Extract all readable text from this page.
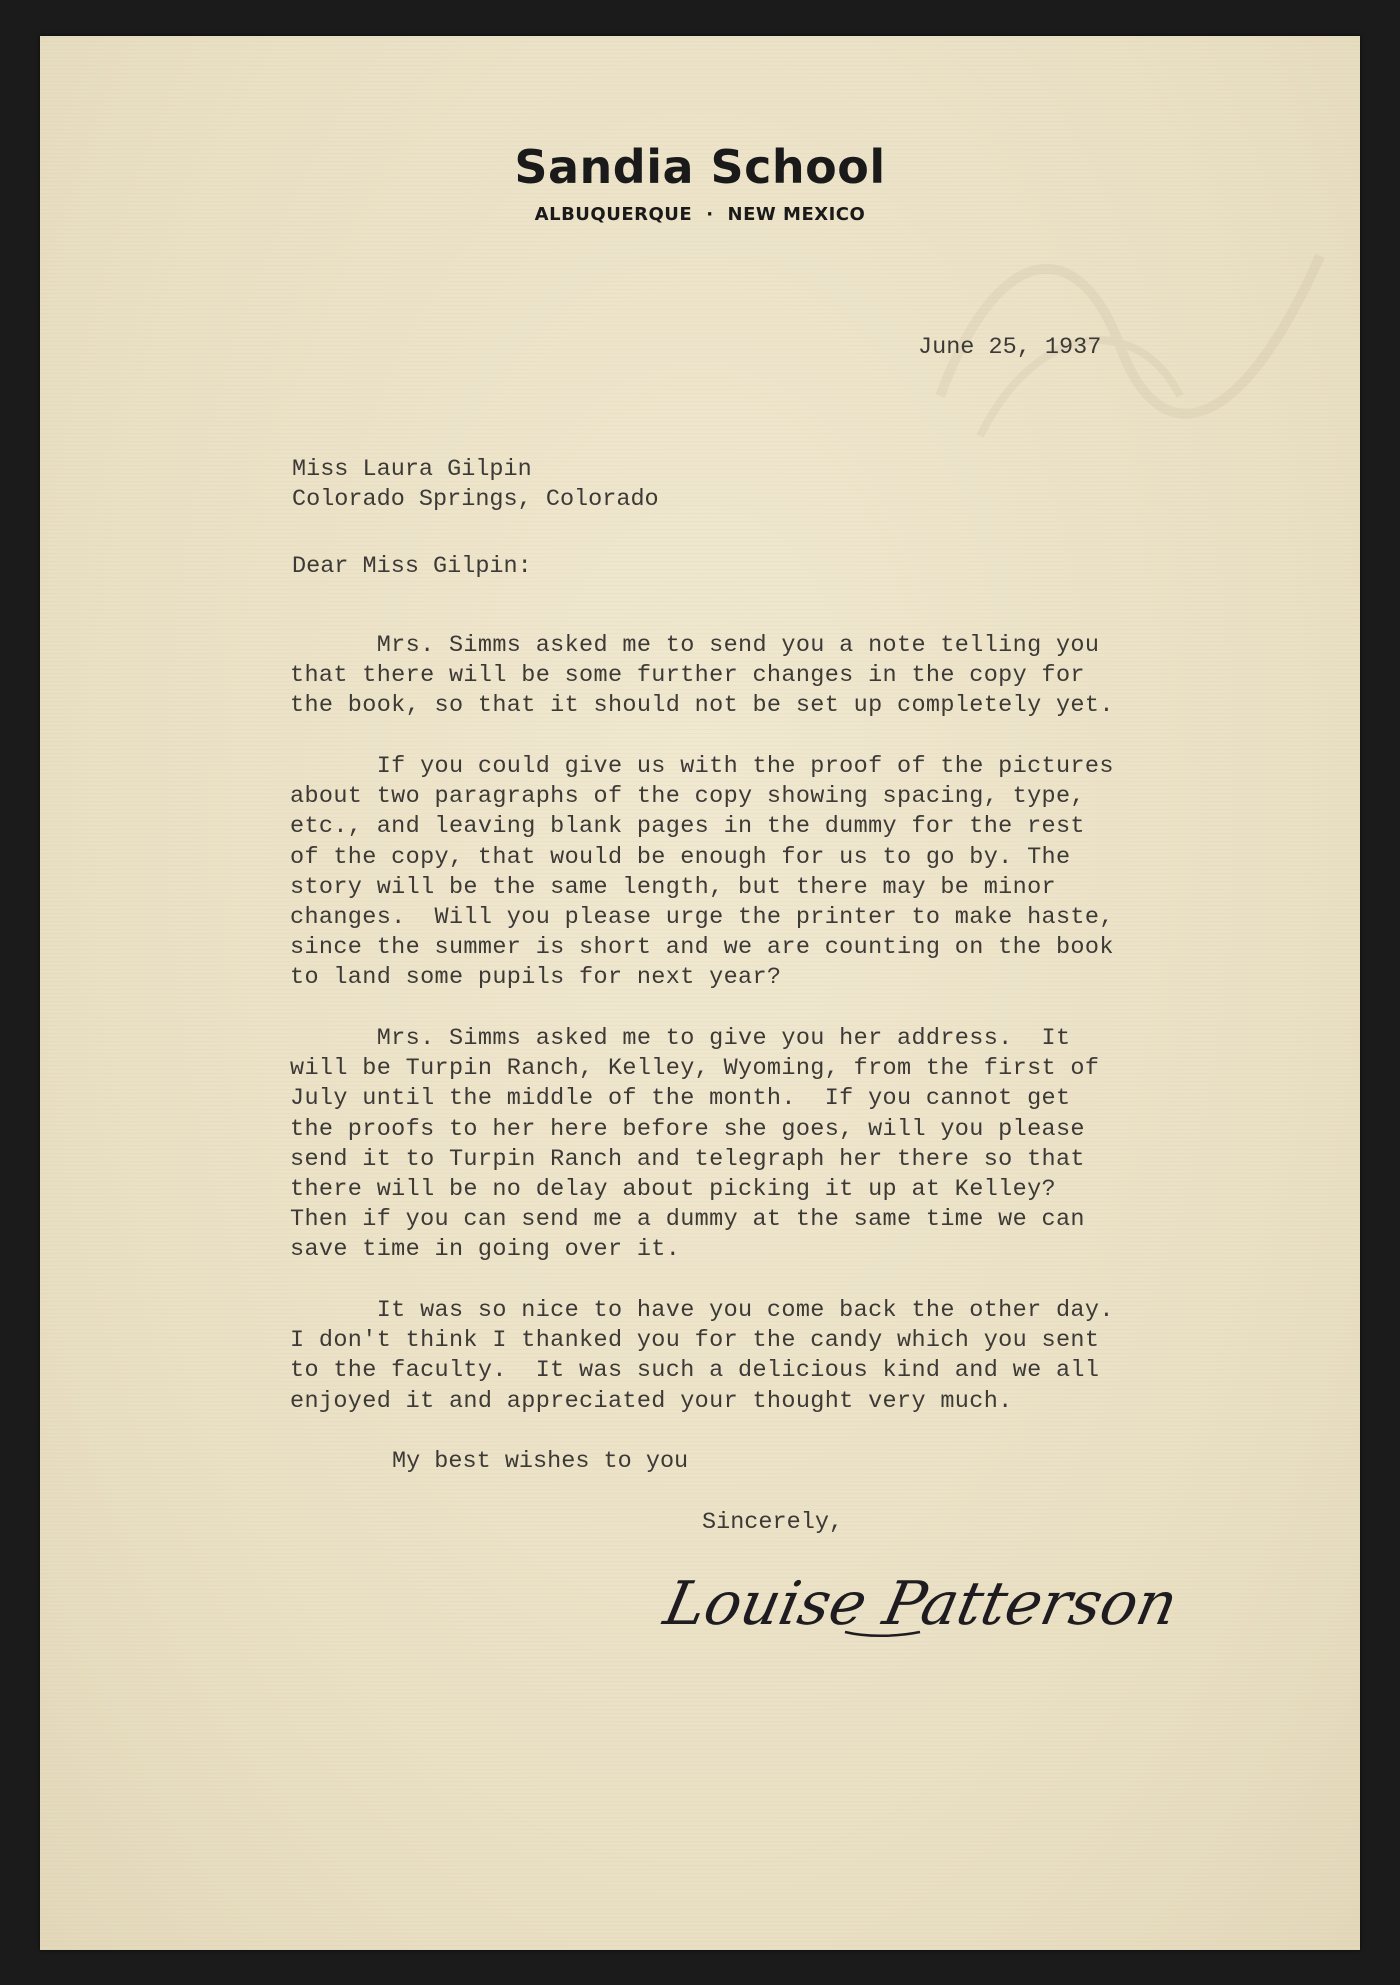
Sandia School
ALBUQUERQUE · NEW MEXICO
June 25, 1937
Miss Laura Gilpin
Colorado Springs, Colorado
Dear Miss Gilpin:
Mrs. Simms asked me to send you a note telling you
that there will be some further changes in the copy for
the book, so that it should not be set up completely yet.
If you could give us with the proof of the pictures
about two paragraphs of the copy showing spacing, type,
etc., and leaving blank pages in the dummy for the rest
of the copy, that would be enough for us to go by. The
story will be the same length, but there may be minor
changes.  Will you please urge the printer to make haste,
since the summer is short and we are counting on the book
to land some pupils for next year?
Mrs. Simms asked me to give you her address.  It
will be Turpin Ranch, Kelley, Wyoming, from the first of
July until the middle of the month.  If you cannot get
the proofs to her here before she goes, will you please
send it to Turpin Ranch and telegraph her there so that
there will be no delay about picking it up at Kelley?
Then if you can send me a dummy at the same time we can
save time in going over it.
It was so nice to have you come back the other day.
I don't think I thanked you for the candy which you sent
to the faculty.  It was such a delicious kind and we all
enjoyed it and appreciated your thought very much.
My best wishes to you
Sincerely,
Louise Patterson
